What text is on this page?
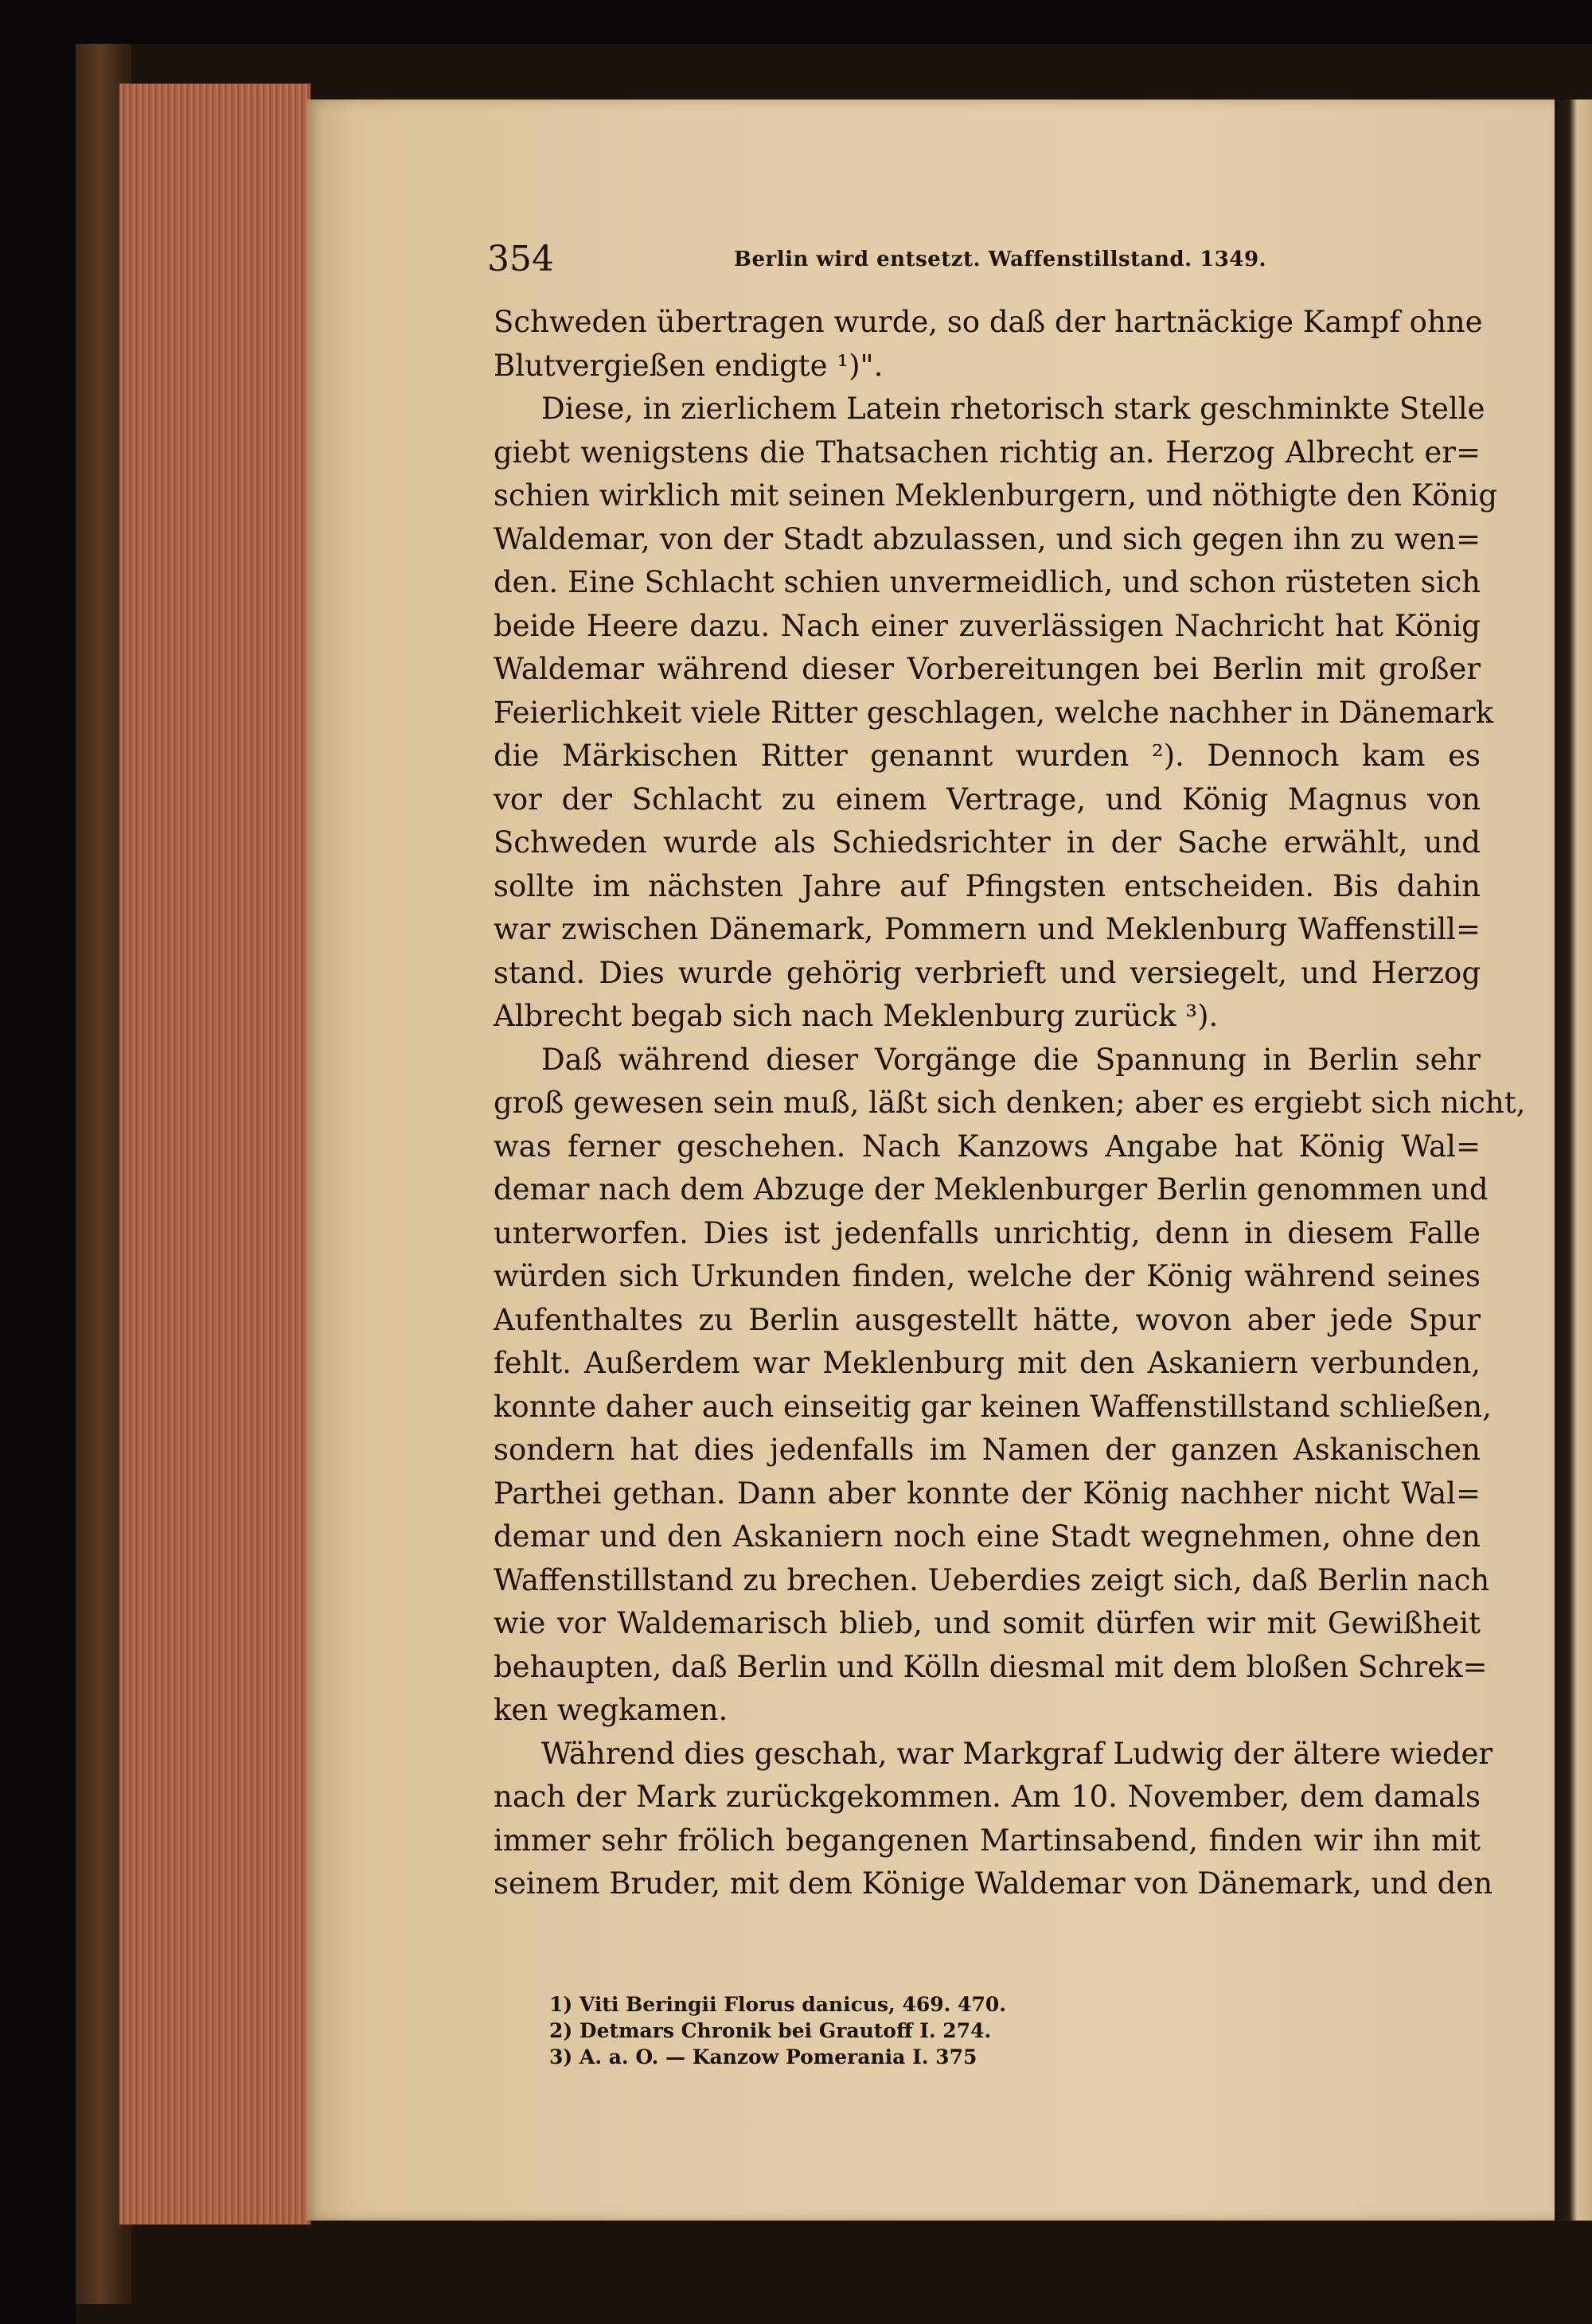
354	Berlin wird entsetzt. Waffenstillstand. 1349.
Schweden übertragen wurde, so daß der hartnäckige Kampf ohne
Blutvergießen endigte ¹)".
Diese, in zierlichem Latein rhetorisch stark geschminkte Stelle
giebt wenigstens die Thatsachen richtig an. Herzog Albrecht er=
schien wirklich mit seinen Meklenburgern, und nöthigte den König
Waldemar, von der Stadt abzulassen, und sich gegen ihn zu wen=
den. Eine Schlacht schien unvermeidlich, und schon rüsteten sich
beide Heere dazu. Nach einer zuverlässigen Nachricht hat König
Waldemar während dieser Vorbereitungen bei Berlin mit großer
Feierlichkeit viele Ritter geschlagen, welche nachher in Dänemark
die Märkischen Ritter genannt wurden ²). Dennoch kam es
vor der Schlacht zu einem Vertrage, und König Magnus von
Schweden wurde als Schiedsrichter in der Sache erwählt, und
sollte im nächsten Jahre auf Pfingsten entscheiden. Bis dahin
war zwischen Dänemark, Pommern und Meklenburg Waffenstill=
stand. Dies wurde gehörig verbrieft und versiegelt, und Herzog
Albrecht begab sich nach Meklenburg zurück ³).
Daß während dieser Vorgänge die Spannung in Berlin sehr
groß gewesen sein muß, läßt sich denken; aber es ergiebt sich nicht,
was ferner geschehen. Nach Kanzows Angabe hat König Wal=
demar nach dem Abzuge der Meklenburger Berlin genommen und
unterworfen. Dies ist jedenfalls unrichtig, denn in diesem Falle
würden sich Urkunden finden, welche der König während seines
Aufenthaltes zu Berlin ausgestellt hätte, wovon aber jede Spur
fehlt. Außerdem war Meklenburg mit den Askaniern verbunden,
konnte daher auch einseitig gar keinen Waffenstillstand schließen,
sondern hat dies jedenfalls im Namen der ganzen Askanischen
Parthei gethan. Dann aber konnte der König nachher nicht Wal=
demar und den Askaniern noch eine Stadt wegnehmen, ohne den
Waffenstillstand zu brechen. Ueberdies zeigt sich, daß Berlin nach
wie vor Waldemarisch blieb, und somit dürfen wir mit Gewißheit
behaupten, daß Berlin und Kölln diesmal mit dem bloßen Schrek=
ken wegkamen.
Während dies geschah, war Markgraf Ludwig der ältere wieder
nach der Mark zurückgekommen. Am 10. November, dem damals
immer sehr frölich begangenen Martinsabend, finden wir ihn mit
seinem Bruder, mit dem Könige Waldemar von Dänemark, und den
1) Viti Beringii Florus danicus, 469. 470.
2) Detmars Chronik bei Grautoff I. 274.
3) A. a. O. — Kanzow Pomerania I. 375
